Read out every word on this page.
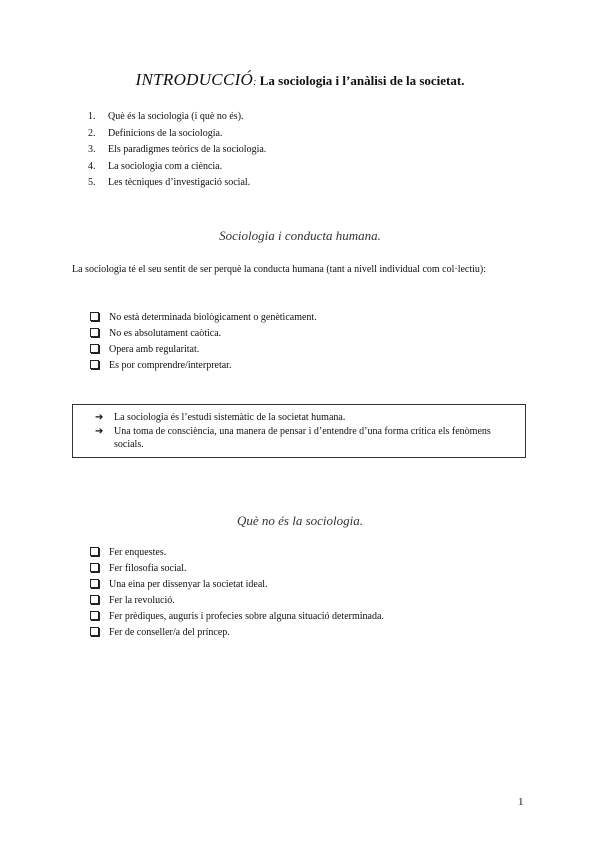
INTRODUCCIÓ: La sociologia i l’anàlisi de la societat.
1. Què és la sociologia (i què no és).
2. Definicions de la sociologia.
3. Els paradigmes teòrics de la sociologia.
4. La sociologia com a ciència.
5. Les tècniques d’investigació social.
Sociologia i conducta humana.
La sociologia té el seu sentit de ser perquè la conducta humana (tant a nivell individual com col·lectiu):
No està determinada biològicament o genèticament.
No es absolutament caòtica.
Opera amb regularitat.
Es por comprendre/interpretar.
➔ La sociologia és l’estudi sistemàtic de la societat humana.
➔ Una toma de consciència, una manera de pensar i d’entendre d’una forma crítica els fenòmens socials.
Què no és la sociologia.
Fer enquestes.
Fer filosofia social.
Una eina per dissenyar la societat ideal.
Fer la revolució.
Fer prèdiques, auguris i profecies sobre alguna situació determinada.
Fer de conseller/a del príncep.
1
